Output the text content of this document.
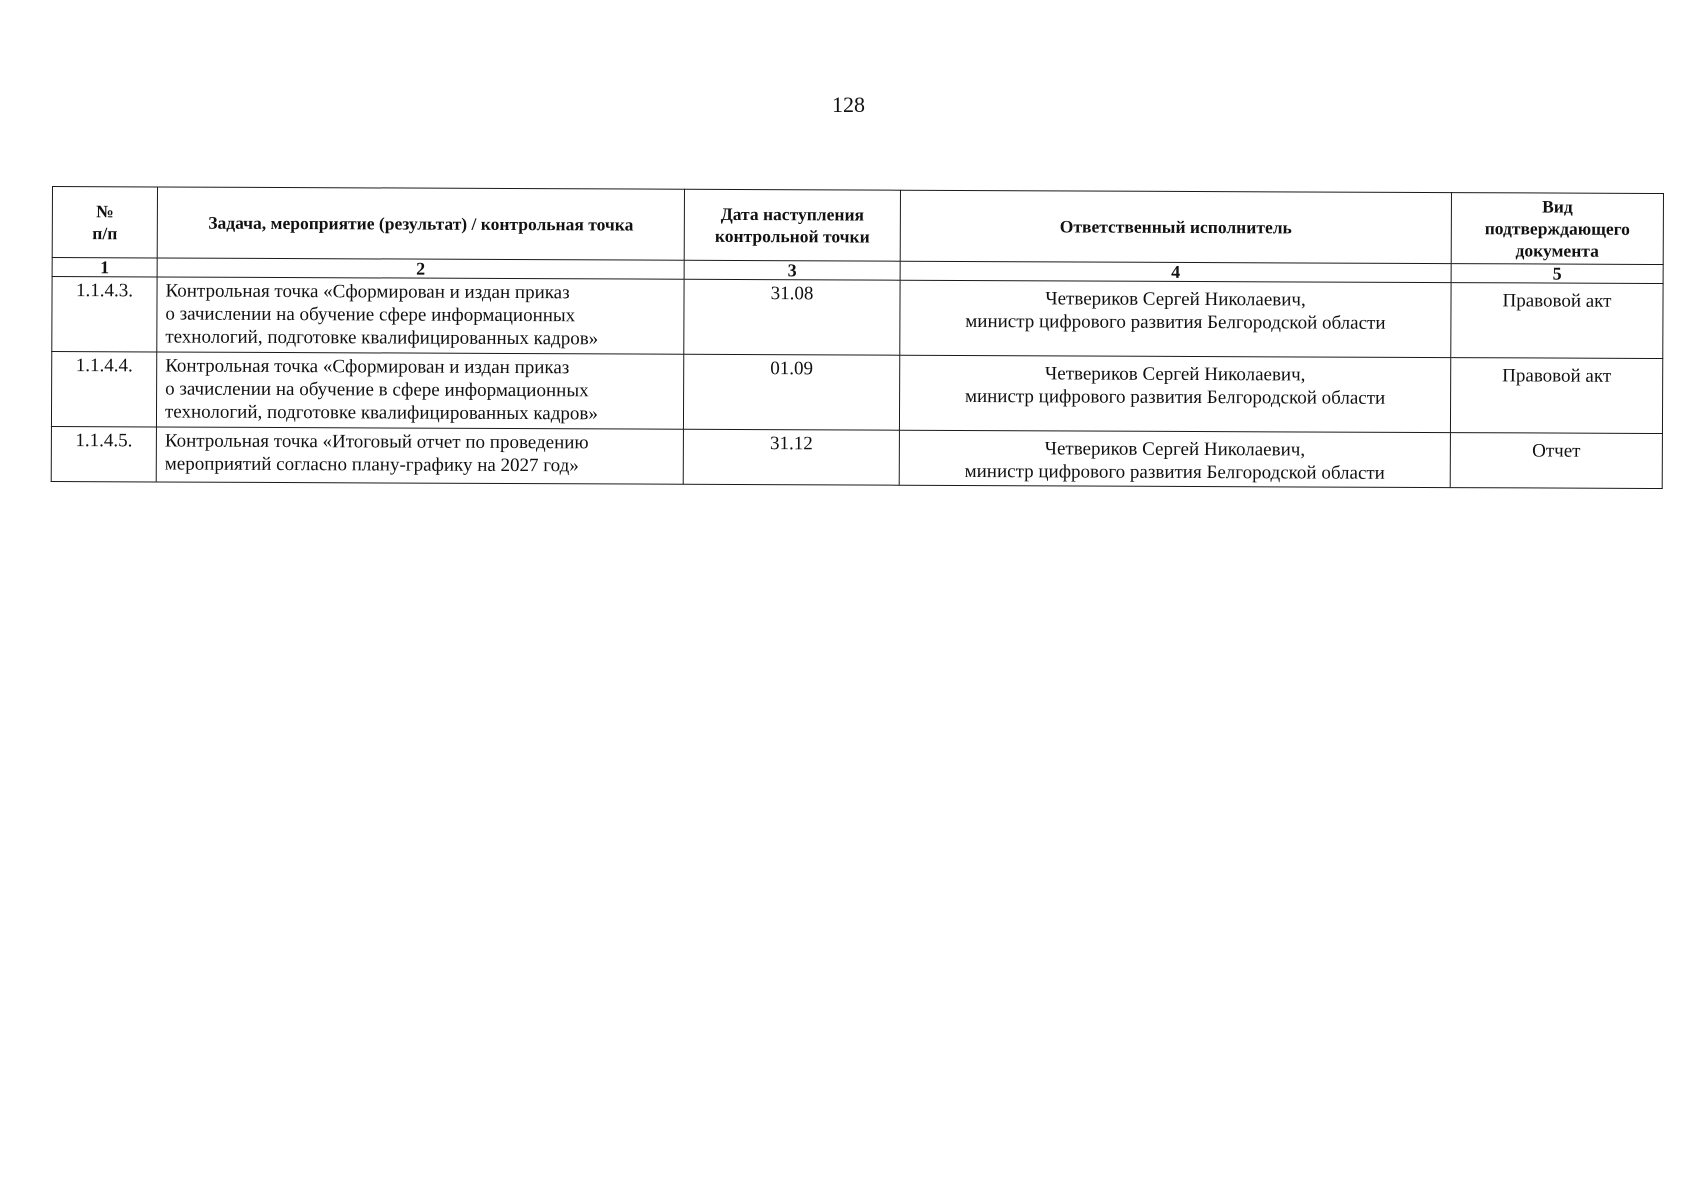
128
№
п/п	Задача, мероприятие (результат) / контрольная точка	Дата наступления
контрольной точки	Ответственный исполнитель	Вид
подтверждающего
документа

1	2	3	4	5
1.1.4.3.	Контрольная точка «Сформирован и издан приказ
о зачислении на обучение сфере информационных
технологий, подготовке квалифицированных кадров»	31.08	Четвериков Сергей Николаевич,
министр цифрового развития Белгородской области	Правовой акт
1.1.4.4.	Контрольная точка «Сформирован и издан приказ
о зачислении на обучение в сфере информационных
технологий, подготовке квалифицированных кадров»	01.09	Четвериков Сергей Николаевич,
министр цифрового развития Белгородской области	Правовой акт
1.1.4.5.	Контрольная точка «Итоговый отчет по проведению
мероприятий согласно плану-графику на 2027 год»	31.12	Четвериков Сергей Николаевич,
министр цифрового развития Белгородской области	Отчет
